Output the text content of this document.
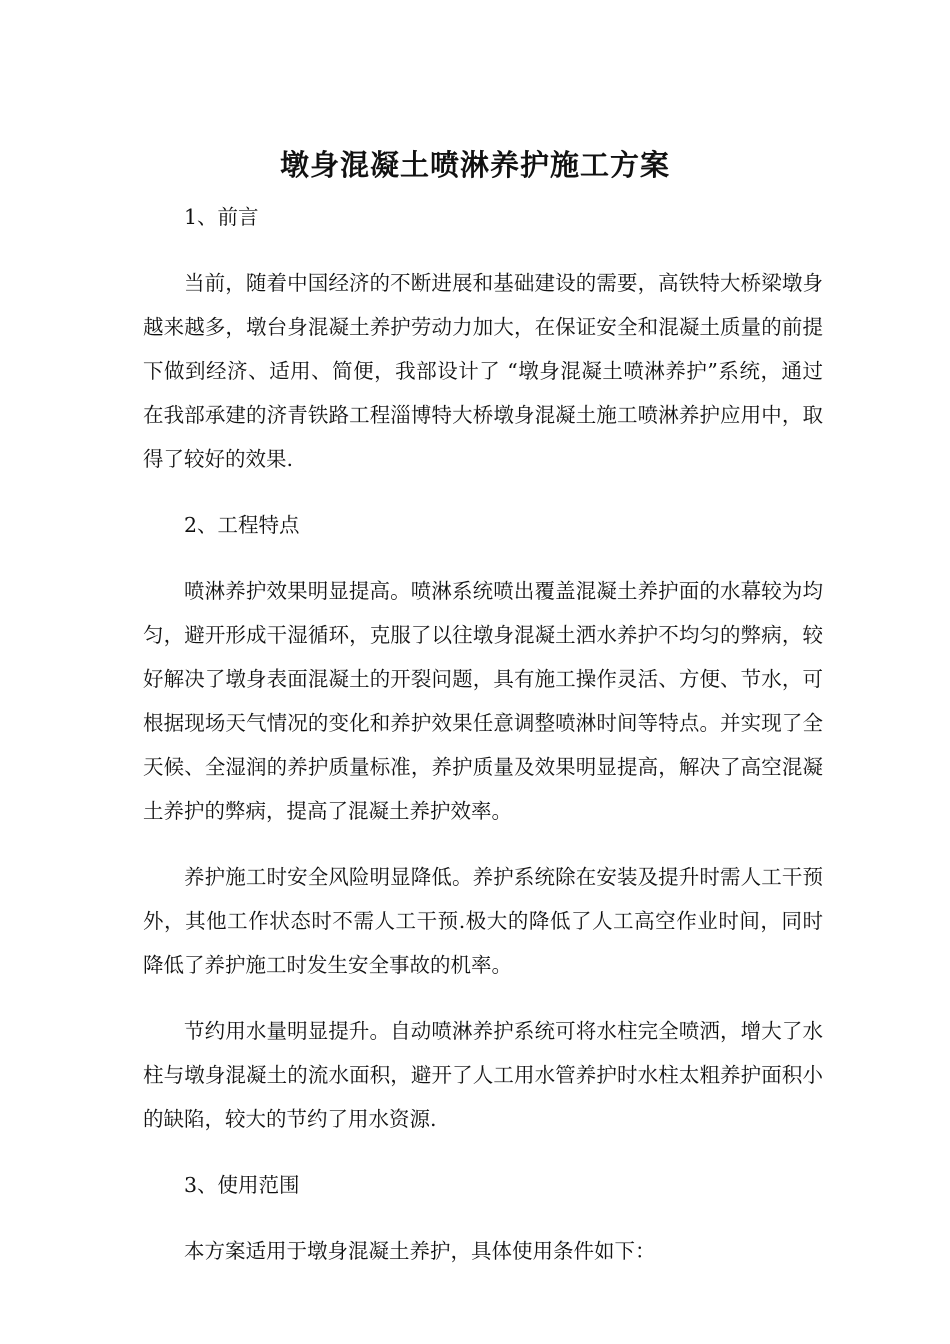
墩身混凝土喷淋养护施工方案

1、前言

当前，随着中国经济的不断进展和基础建设的需要，高铁特大桥梁墩身越来越多，墩台身混凝土养护劳动力加大，在保证安全和混凝土质量的前提下做到经济、适用、简便，我部设计了 “墩身混凝土喷淋养护”系统，通过在我部承建的济青铁路工程淄博特大桥墩身混凝土施工喷淋养护应用中，取得了较好的效果.

2、工程特点

喷淋养护效果明显提高。喷淋系统喷出覆盖混凝土养护面的水幕较为均匀，避开形成干湿循环，克服了以往墩身混凝土洒水养护不均匀的弊病，较好解决了墩身表面混凝土的开裂问题，具有施工操作灵活、方便、节水，可根据现场天气情况的变化和养护效果任意调整喷淋时间等特点。并实现了全天候、全湿润的养护质量标准，养护质量及效果明显提高，解决了高空混凝土养护的弊病，提高了混凝土养护效率。

养护施工时安全风险明显降低。养护系统除在安装及提升时需人工干预外，其他工作状态时不需人工干预.极大的降低了人工高空作业时间，同时降低了养护施工时发生安全事故的机率。

节约用水量明显提升。自动喷淋养护系统可将水柱完全喷洒，增大了水柱与墩身混凝土的流水面积，避开了人工用水管养护时水柱太粗养护面积小的缺陷，较大的节约了用水资源.

3、使用范围

本方案适用于墩身混凝土养护，具体使用条件如下：
